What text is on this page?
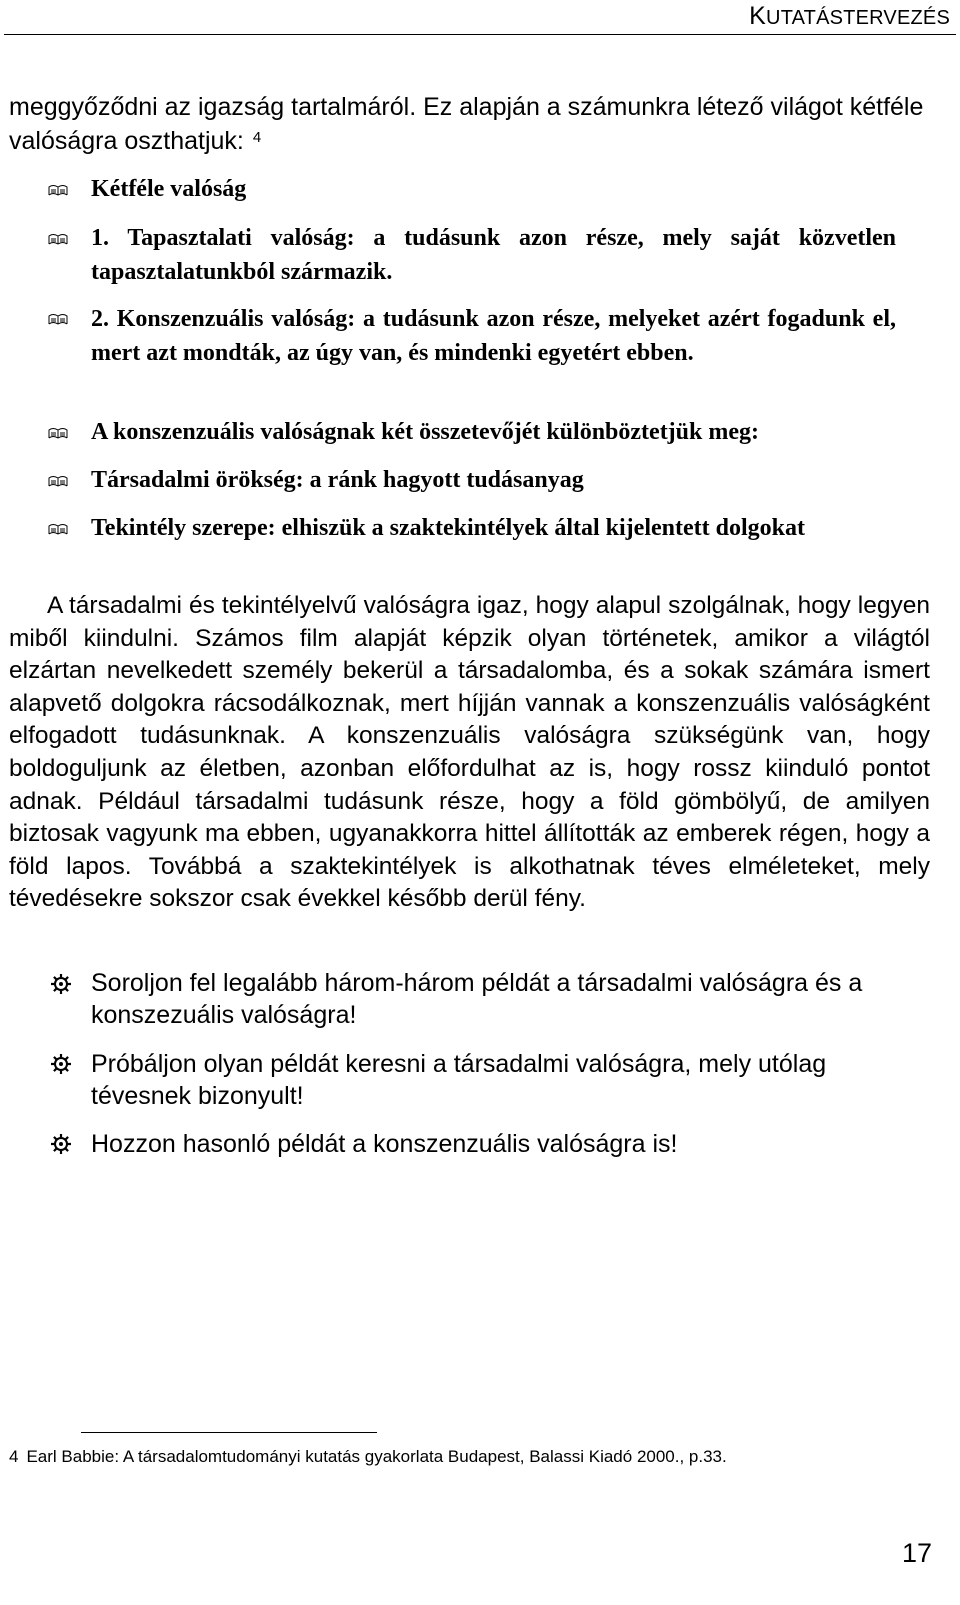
KUTATÁSTERVEZÉS

meggyőződni az igazság tartalmáról. Ez alapján a számunkra létező világot kétféle valóságra oszthatjuk: $^4$

Kétféle valóság
1. Tapasztalati valóság: a tudásunk azon része, mely saját közvetlen tapasztalatunkból származik.
2. Konszenzuális valóság: a tudásunk azon része, melyeket azért fogadunk el, mert azt mondták, az úgy van, és mindenki egyetért ebben.
A konszenzuális valóságnak két összetevőjét különböztetjük meg:
Társadalmi örökség: a ránk hagyott tudásanyag
Tekintély szerepe: elhiszük a szaktekintélyek által kijelentett dolgokat

A társadalmi és tekintélyelvű valóságra igaz, hogy alapul szolgálnak, hogy legyen miből kiindulni. Számos film alapját képzik olyan történetek, amikor a világtól elzártan nevelkedett személy bekerül a társadalomba, és a sokak számára ismert alapvető dolgokra rácsodálkoznak, mert híjján vannak a konszenzuális valóságként elfogadott tudásunknak. A konszenzuális valóságra szükségünk van, hogy boldoguljunk az életben, azonban előfordulhat az is, hogy rossz kiinduló pontot adnak. Például társadalmi tudásunk része, hogy a föld gömbölyű, de amilyen biztosak vagyunk ma ebben, ugyanakkorra hittel állították az emberek régen, hogy a föld lapos. Továbbá a szaktekintélyek is alkothatnak téves elméleteket, mely tévedésekre sokszor csak évekkel később derül fény.

Soroljon fel legalább három-három példát a társadalmi valóságra és a konszezuális valóságra!
Próbáljon olyan példát keresni a társadalmi valóságra, mely utólag tévesnek bizonyult!
Hozzon hasonló példát a konszenzuális valóságra is!
4 Earl Babbie: A társadalomtudományi kutatás gyakorlata Budapest, Balassi Kiadó 2000., p.33.
17
